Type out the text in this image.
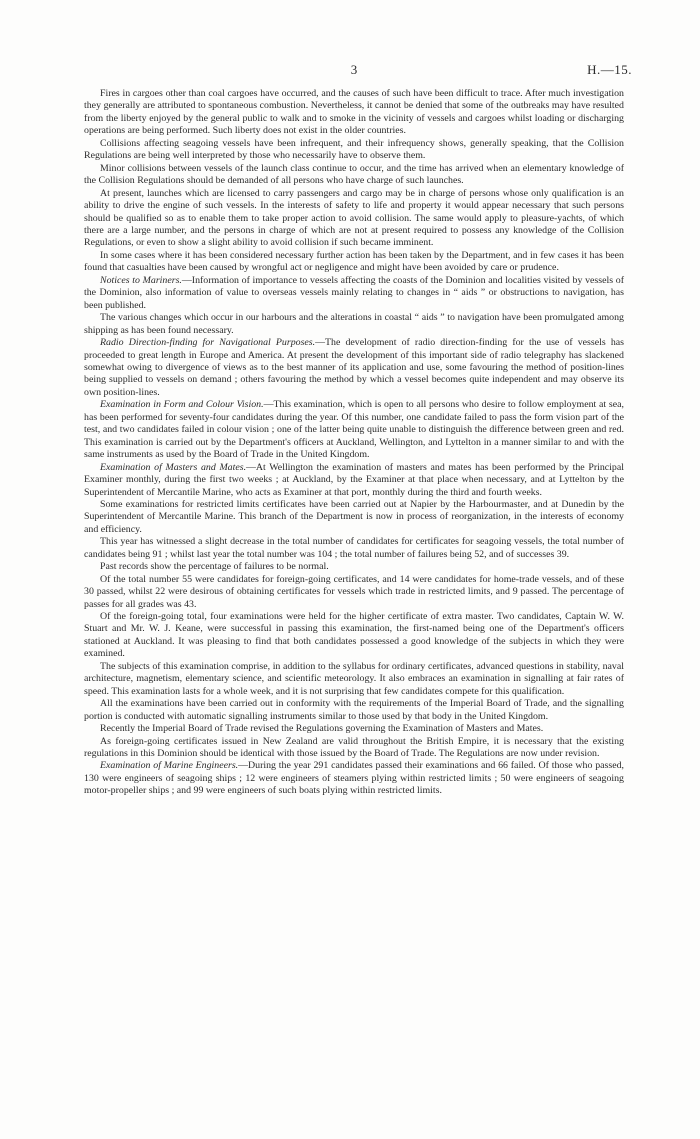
3	H.—15.

Fires in cargoes other than coal cargoes have occurred, and the causes of such have been difficult to trace. After much investigation they generally are attributed to spontaneous combustion. Nevertheless, it cannot be denied that some of the outbreaks may have resulted from the liberty enjoyed by the general public to walk and to smoke in the vicinity of vessels and cargoes whilst loading or discharging operations are being performed. Such liberty does not exist in the older countries.

Collisions affecting seagoing vessels have been infrequent, and their infrequency shows, generally speaking, that the Collision Regulations are being well interpreted by those who necessarily have to observe them.

Minor collisions between vessels of the launch class continue to occur, and the time has arrived when an elementary knowledge of the Collision Regulations should be demanded of all persons who have charge of such launches.

At present, launches which are licensed to carry passengers and cargo may be in charge of persons whose only qualification is an ability to drive the engine of such vessels. In the interests of safety to life and property it would appear necessary that such persons should be qualified so as to enable them to take proper action to avoid collision. The same would apply to pleasure-yachts, of which there are a large number, and the persons in charge of which are not at present required to possess any knowledge of the Collision Regulations, or even to show a slight ability to avoid collision if such became imminent.

In some cases where it has been considered necessary further action has been taken by the Department, and in few cases it has been found that casualties have been caused by wrongful act or negligence and might have been avoided by care or prudence.

Notices to Mariners.—Information of importance to vessels affecting the coasts of the Dominion and localities visited by vessels of the Dominion, also information of value to overseas vessels mainly relating to changes in “ aids ” or obstructions to navigation, has been published.

The various changes which occur in our harbours and the alterations in coastal “ aids ” to navigation have been promulgated among shipping as has been found necessary.

Radio Direction-finding for Navigational Purposes.—The development of radio direction-finding for the use of vessels has proceeded to great length in Europe and America. At present the development of this important side of radio telegraphy has slackened somewhat owing to divergence of views as to the best manner of its application and use, some favouring the method of position-lines being supplied to vessels on demand ; others favouring the method by which a vessel becomes quite independent and may observe its own position-lines.

Examination in Form and Colour Vision.—This examination, which is open to all persons who desire to follow employment at sea, has been performed for seventy-four candidates during the year. Of this number, one candidate failed to pass the form vision part of the test, and two candidates failed in colour vision ; one of the latter being quite unable to distinguish the difference between green and red. This examination is carried out by the Department's officers at Auckland, Wellington, and Lyttelton in a manner similar to and with the same instruments as used by the Board of Trade in the United Kingdom.

Examination of Masters and Mates.—At Wellington the examination of masters and mates has been performed by the Principal Examiner monthly, during the first two weeks ; at Auckland, by the Examiner at that place when necessary, and at Lyttelton by the Superintendent of Mercantile Marine, who acts as Examiner at that port, monthly during the third and fourth weeks.

Some examinations for restricted limits certificates have been carried out at Napier by the Harbourmaster, and at Dunedin by the Superintendent of Mercantile Marine. This branch of the Department is now in process of reorganization, in the interests of economy and efficiency.

This year has witnessed a slight decrease in the total number of candidates for certificates for seagoing vessels, the total number of candidates being 91 ; whilst last year the total number was 104 ; the total number of failures being 52, and of successes 39.

Past records show the percentage of failures to be normal.

Of the total number 55 were candidates for foreign-going certificates, and 14 were candidates for home-trade vessels, and of these 30 passed, whilst 22 were desirous of obtaining certificates for vessels which trade in restricted limits, and 9 passed. The percentage of passes for all grades was 43.

Of the foreign-going total, four examinations were held for the higher certificate of extra master. Two candidates, Captain W. W. Stuart and Mr. W. J. Keane, were successful in passing this examination, the first-named being one of the Department's officers stationed at Auckland. It was pleasing to find that both candidates possessed a good knowledge of the subjects in which they were examined.

The subjects of this examination comprise, in addition to the syllabus for ordinary certificates, advanced questions in stability, naval architecture, magnetism, elementary science, and scientific meteorology. It also embraces an examination in signalling at fair rates of speed. This examination lasts for a whole week, and it is not surprising that few candidates compete for this qualification.

All the examinations have been carried out in conformity with the requirements of the Imperial Board of Trade, and the signalling portion is conducted with automatic signalling instruments similar to those used by that body in the United Kingdom.

Recently the Imperial Board of Trade revised the Regulations governing the Examination of Masters and Mates.

As foreign-going certificates issued in New Zealand are valid throughout the British Empire, it is necessary that the existing regulations in this Dominion should be identical with those issued by the Board of Trade. The Regulations are now under revision.

Examination of Marine Engineers.—During the year 291 candidates passed their examinations and 66 failed. Of those who passed, 130 were engineers of seagoing ships ; 12 were engineers of steamers plying within restricted limits ; 50 were engineers of seagoing motor-propeller ships ; and 99 were engineers of such boats plying within restricted limits.
